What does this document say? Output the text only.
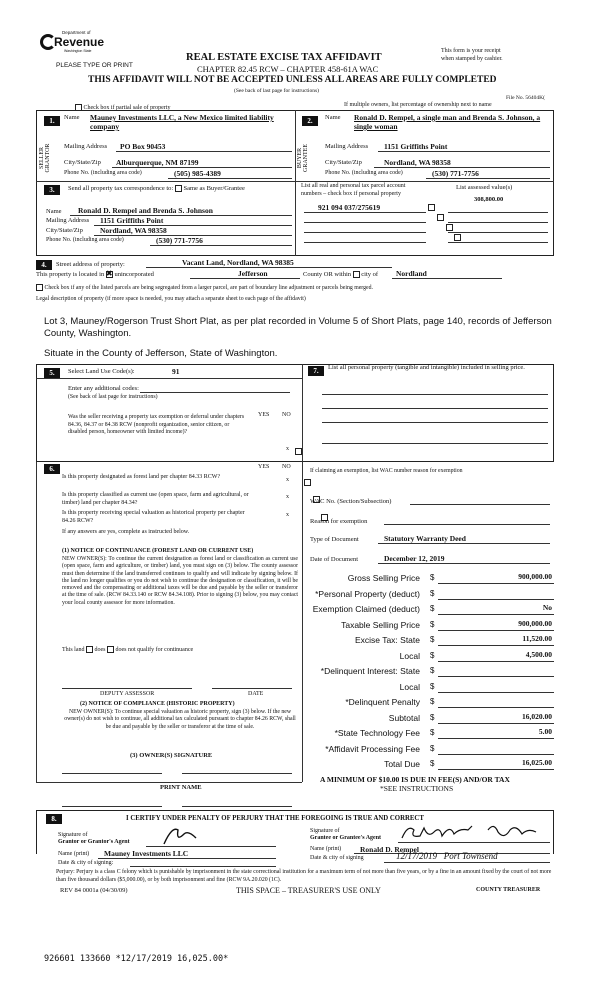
Department of
Revenue
Washington State
PLEASE TYPE OR PRINT
REAL ESTATE EXCISE TAX AFFIDAVIT
CHAPTER 82.45 RCW – CHAPTER 458-61A WAC
THIS AFFIDAVIT WILL NOT BE ACCEPTED UNLESS ALL AREAS ARE FULLY COMPLETED
(See back of last page for instructions)
This form is your receipt
when stamped by cashier.
File No. 56404K(
Check box if partial sale of property	If multiple owners, list percentage of ownership next to name
1.
SELLER GRANTOR
Name Mauney Investments LLC, a New Mexico limited liability company
Mailing Address PO Box 90453
City/State/Zip Alburquerque, NM 87199
Phone No. (including area code)	(505) 985-4389
2.
BUYER GRANTEE
Name Ronald D. Rempel, a single man and Brenda S. Johnson, a single woman
Mailing Address 1151 Griffiths Point
City/State/Zip	Nordland, WA 98358
Phone No. (including area code)	(530) 771-7756
3.	Send all property tax correspondence to: Same as Buyer/Grantee
Name Ronald D. Rempel and Brenda S. Johnson
Mailing Address 1151 Griffiths Point
City/State/Zip Nordland, WA 98358
Phone No. (including area code)	(530) 771-7756
List all real and personal tax parcel account
numbers – check box if personal property
List assessed value(s)
308,800.00
921 094 037/275619

4.	Street address of property:	Vacant Land, Nordland, WA 98385
This property is located in ✖ unincorporated	Jefferson	County OR within city of Nordland
Check box if any of the listed parcels are being segregated from a larger parcel, are part of boundary line adjustment or parcels being merged.
Legal description of property (if more space is needed, you may attach a separate sheet to each page of the affidavit)
Lot 3, Mauney/Rogerson Trust Short Plat, as per plat recorded in Volume 5 of Short Plats, page 140, records of Jefferson County, Washington.
Situate in the County of Jefferson, State of Washington.
5.	Select Land Use Code(s):	91
Enter any additional codes:
(See back of last page for instructions)
YES NO
Was the seller receiving a property tax exemption or deferral under chapters 84.36, 84.37 or 84.38 RCW (nonprofit organization, senior citizen, or disabled person, homeowner with limited income)?

x
7.	List all personal property (tangible and intangible) included in selling price.
6.	YES NO
Is this property designated as forest land per chapter 84.33 RCW?
	x
Is this property classified as current use (open space, farm and agricultural, or timber) land per chapter 84.34?

x
Is this property receiving special valuation as historical property per chapter 84.26 RCW?
x
If any answers are yes, complete as instructed below.
(1) NOTICE OF CONTINUANCE (FOREST LAND OR CURRENT USE)
NEW OWNER(S): To continue the current designation as forest land or classification as current use (open space, farm and agriculture, or timber) land, you must sign on (3) below. The county assessor must then determine if the land transferred continues to qualify and will indicate by signing below. If the land no longer qualifies or you do not wish to continue the designation or classification, it will be removed and the compensating or additional taxes will be due and payable by the seller or transferor at the time of sale. (RCW 84.33.140 or RCW 84.34.108). Prior to signing (3) below, you may contact your local county assessor for more information.
This land does does not qualify for continuance
DEPUTY ASSESSOR	DATE
(2) NOTICE OF COMPLIANCE (HISTORIC PROPERTY)
NEW OWNER(S): To continue special valuation as historic property, sign (3) below. If the new owner(s) do not wish to continue, all additional tax calculated pursuant to chapter 84.26 RCW, shall be due and payable by the seller or transferor at the time of sale.
(3) OWNER(S) SIGNATURE
PRINT NAME
If claiming an exemption, list WAC number reason for exemption
WAC No. (Section/Subsection)
Reason for exemption
Type of Document	Statutory Warranty Deed
Date of Document	December 12, 2019
Gross Selling Price $	900,000.00
*Personal Property (deduct) $
Exemption Claimed (deduct) $	No
Taxable Selling Price $	900,000.00
Excise Tax: State $	11,520.00
Local $	4,500.00
*Delinquent Interest: State $
Local $
*Delinquent Penalty $
Subtotal $	16,020.00
*State Technology Fee $	5.00
*Affidavit Processing Fee $
Total Due $	16,025.00
A MINIMUM OF $10.00 IS DUE IN FEE(S) AND/OR TAX
*SEE INSTRUCTIONS
8.	I CERTIFY UNDER PENALTY OF PERJURY THAT THE FOREGOING IS TRUE AND CORRECT
Signature of
Grantor or Grantor's Agent
Name (print) Mauney Investments LLC
Date & city of signing:
Signature of
Grantee or Grantee's Agent
Name (print)	Ronald D. Rempel
Date & city of signing	12/17/2019   Port Townsend
Perjury: Perjury is a class C felony which is punishable by imprisonment in the state correctional institution for a maximum term of not more than five years, or by a fine in an amount fixed by the court of not more than five thousand dollars ($5,000.00), or by both imprisonment and fine (RCW 9A.20.020 (1C).
REV 84 0001a (04/30/09)	THIS SPACE – TREASURER'S USE ONLY	COUNTY TREASURER
926601 133660 *12/17/2019 16,025.00*
